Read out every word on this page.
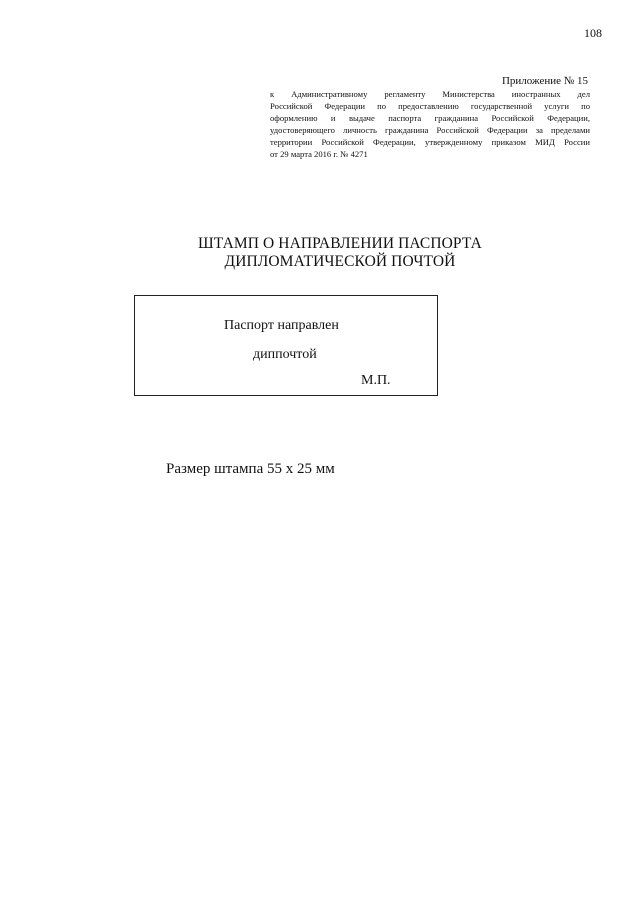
108
Приложение № 15
к Административному регламенту Министерства иностранных дел
Российской Федерации по предоставлению государственной услуги по
оформлению и выдаче паспорта гражданина Российской Федерации,
удостоверяющего личность гражданина Российской Федерации за пределами
территории Российской Федерации, утвержденному приказом МИД России
от 29 марта 2016 г. № 4271
ШТАМП О НАПРАВЛЕНИИ ПАСПОРТА
ДИПЛОМАТИЧЕСКОЙ ПОЧТОЙ
Паспорт направлен
диппочтой
М.П.
Размер штампа 55 х 25 мм
